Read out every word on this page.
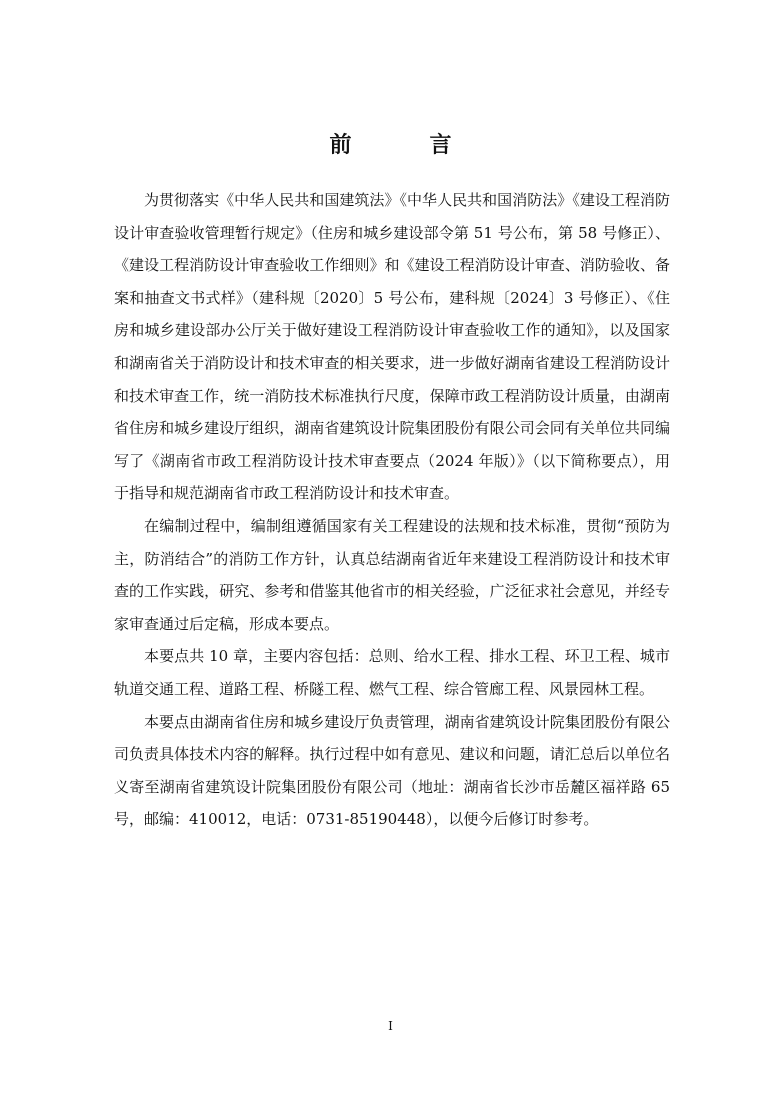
前 言

为贯彻落实《中华人民共和国建筑法》《中华人民共和国消防法》《建设工程消防设计审查验收管理暂行规定》（住房和城乡建设部令第 51 号公布，第 58 号修正）、《建设工程消防设计审查验收工作细则》和《建设工程消防设计审查、消防验收、备案和抽查文书式样》（建科规〔2020〕5 号公布，建科规〔2024〕3 号修正）、《住房和城乡建设部办公厅关于做好建设工程消防设计审查验收工作的通知》，以及国家和湖南省关于消防设计和技术审查的相关要求，进一步做好湖南省建设工程消防设计和技术审查工作，统一消防技术标准执行尺度，保障市政工程消防设计质量，由湖南省住房和城乡建设厅组织，湖南省建筑设计院集团股份有限公司会同有关单位共同编写了《湖南省市政工程消防设计技术审查要点（2024 年版）》（以下简称要点），用于指导和规范湖南省市政工程消防设计和技术审查。

在编制过程中，编制组遵循国家有关工程建设的法规和技术标准，贯彻“预防为主，防消结合”的消防工作方针，认真总结湖南省近年来建设工程消防设计和技术审查的工作实践，研究、参考和借鉴其他省市的相关经验，广泛征求社会意见，并经专家审查通过后定稿，形成本要点。

本要点共 10 章，主要内容包括：总则、给水工程、排水工程、环卫工程、城市轨道交通工程、道路工程、桥隧工程、燃气工程、综合管廊工程、风景园林工程。

本要点由湖南省住房和城乡建设厅负责管理，湖南省建筑设计院集团股份有限公司负责具体技术内容的解释。执行过程中如有意见、建议和问题，请汇总后以单位名义寄至湖南省建筑设计院集团股份有限公司（地址：湖南省长沙市岳麓区福祥路 65 号，邮编：410012，电话：0731-85190448），以便今后修订时参考。

I
